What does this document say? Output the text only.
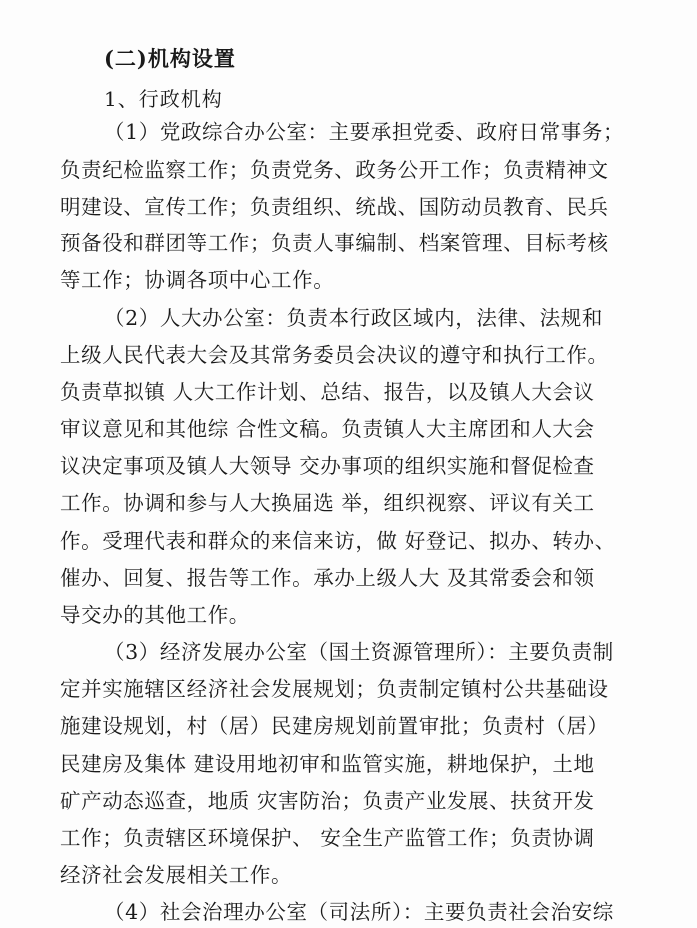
(二)机构设置
1、行政机构
（1）党政综合办公室：主要承担党委、政府日常事务；
负责纪检监察工作；负责党务、政务公开工作；负责精神文
明建设、宣传工作；负责组织、统战、国防动员教育、民兵
预备役和群团等工作；负责人事编制、档案管理、目标考核
等工作；协调各项中心工作。
（2）人大办公室：负责本行政区域内，法律、法规和
上级人民代表大会及其常务委员会决议的遵守和执行工作。
负责草拟镇 人大工作计划、总结、报告，以及镇人大会议
审议意见和其他综 合性文稿。负责镇人大主席团和人大会
议决定事项及镇人大领导 交办事项的组织实施和督促检查
工作。协调和参与人大换届选 举，组织视察、评议有关工
作。受理代表和群众的来信来访，做 好登记、拟办、转办、
催办、回复、报告等工作。承办上级人大 及其常委会和领
导交办的其他工作。
（3）经济发展办公室（国土资源管理所）：主要负责制
定并实施辖区经济社会发展规划；负责制定镇村公共基础设
施建设规划，村（居）民建房规划前置审批；负责村（居）
民建房及集体 建设用地初审和监管实施，耕地保护，土地
矿产动态巡查，地质 灾害防治；负责产业发展、扶贫开发
工作；负责辖区环境保护、 安全生产监管工作；负责协调
经济社会发展相关工作。
（4）社会治理办公室（司法所）：主要负责社会治安综
